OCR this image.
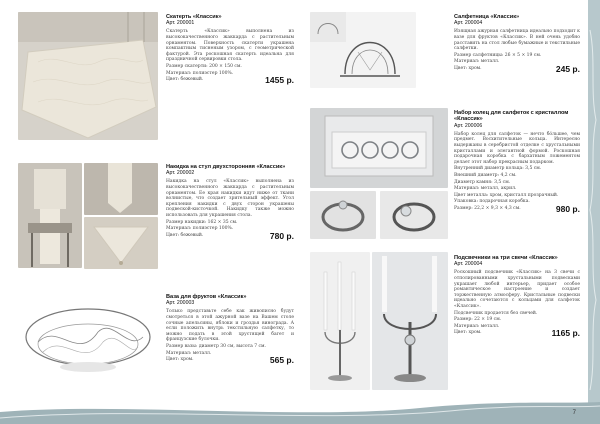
7
Скатерть «Классик»
Арт. 200001
Скатерть «Классик» выполнена из высококачественного жаккарда с растительным орнаментом. Поверхность скатерти украшена компактным тисненым узором, с геометрической фактурой. Эта роскошная скатерть идеальна для праздничной сервировки стола.
Размер скатерти: 200 × 150 см.
Материал: полиэстер 100%.
Цвет: бежевый.	1455 р.
Накидка на стул двухсторонняя «Классик»
Арт. 200002
Накидка на стул «Классик» выполнена из высококачественного жаккарда с растительным орнаментом. Ее края накидки идут ниже от ткани волнистые, что создает зрительный эффект. Угол крепления накидки с двух сторон украшены подвеской-кисточкой. Накидку также можно использовать для украшения стола.
Размер накидки: 162 × 35 см.
Материал: полиэстер 100%.
Цвет: бежевый.	780 р.
Ваза для фруктов «Классик»
Арт. 200003
Только представьте себе как живописно будут смотреться в этой ажурной вазе на Вашем столе сочные апельсины, яблоки и гроздья винограда. А если положить внутрь текстильную салфетку, то можно подать в этой хрустящей багет и французские булочки.
Размер вазы: диаметр 30 см, высота 7 см.
Материал: металл.
Цвет: хром.	565 р.
Салфетница «Классик»
Арт. 200004
Изящная ажурная салфетница идеально подходит к вазе для фруктов «Классик». В ней очень удобно расставить на стол любые бумажные и текстильные салфетки.
Размер салфетницы: 26 × 5 × 19 см.
Материал: металл.
Цвет: хром.	245 р.
Набор колец для салфеток с кристаллом «Классик»
Арт. 200006
Набор колец для салфеток — нечто бóльшее, чем предмет. Восхитительные кольца. Интересно выдержаны в серебристой отделке с хрустальными кристаллами и элегантной формой. Роскошная подарочная коробка с бархатным ложементом делает этот набор прекрасным подарком.
Внутренний диаметр кольца: 3,5 см.
Внешний диаметр: 4,2 см.
Диаметр камня: 3,5 см.
Материал: металл, акрил.
Цвет металла: хром, кристалл прозрачный.
Упаковка: подарочная коробка.
Размер: 22,2 × 9,3 × 4,3 см.	980 р.
Подсвечники на три свечи «Классик»
Арт. 200004
Роскошный подсвечник «Классик» на 3 свечи с отполированными хрустальными подвесками украшает любой интерьер, придает особое романтическое настроение и создает торжественную атмосферу. Кристальные подвески идеально сочетаются с кольцами для салфеток «Классик».
Подсвечник продается без свечей.
Размер: 22 × 19 см.
Материал: металл.
Цвет: хром.	1165 р.
